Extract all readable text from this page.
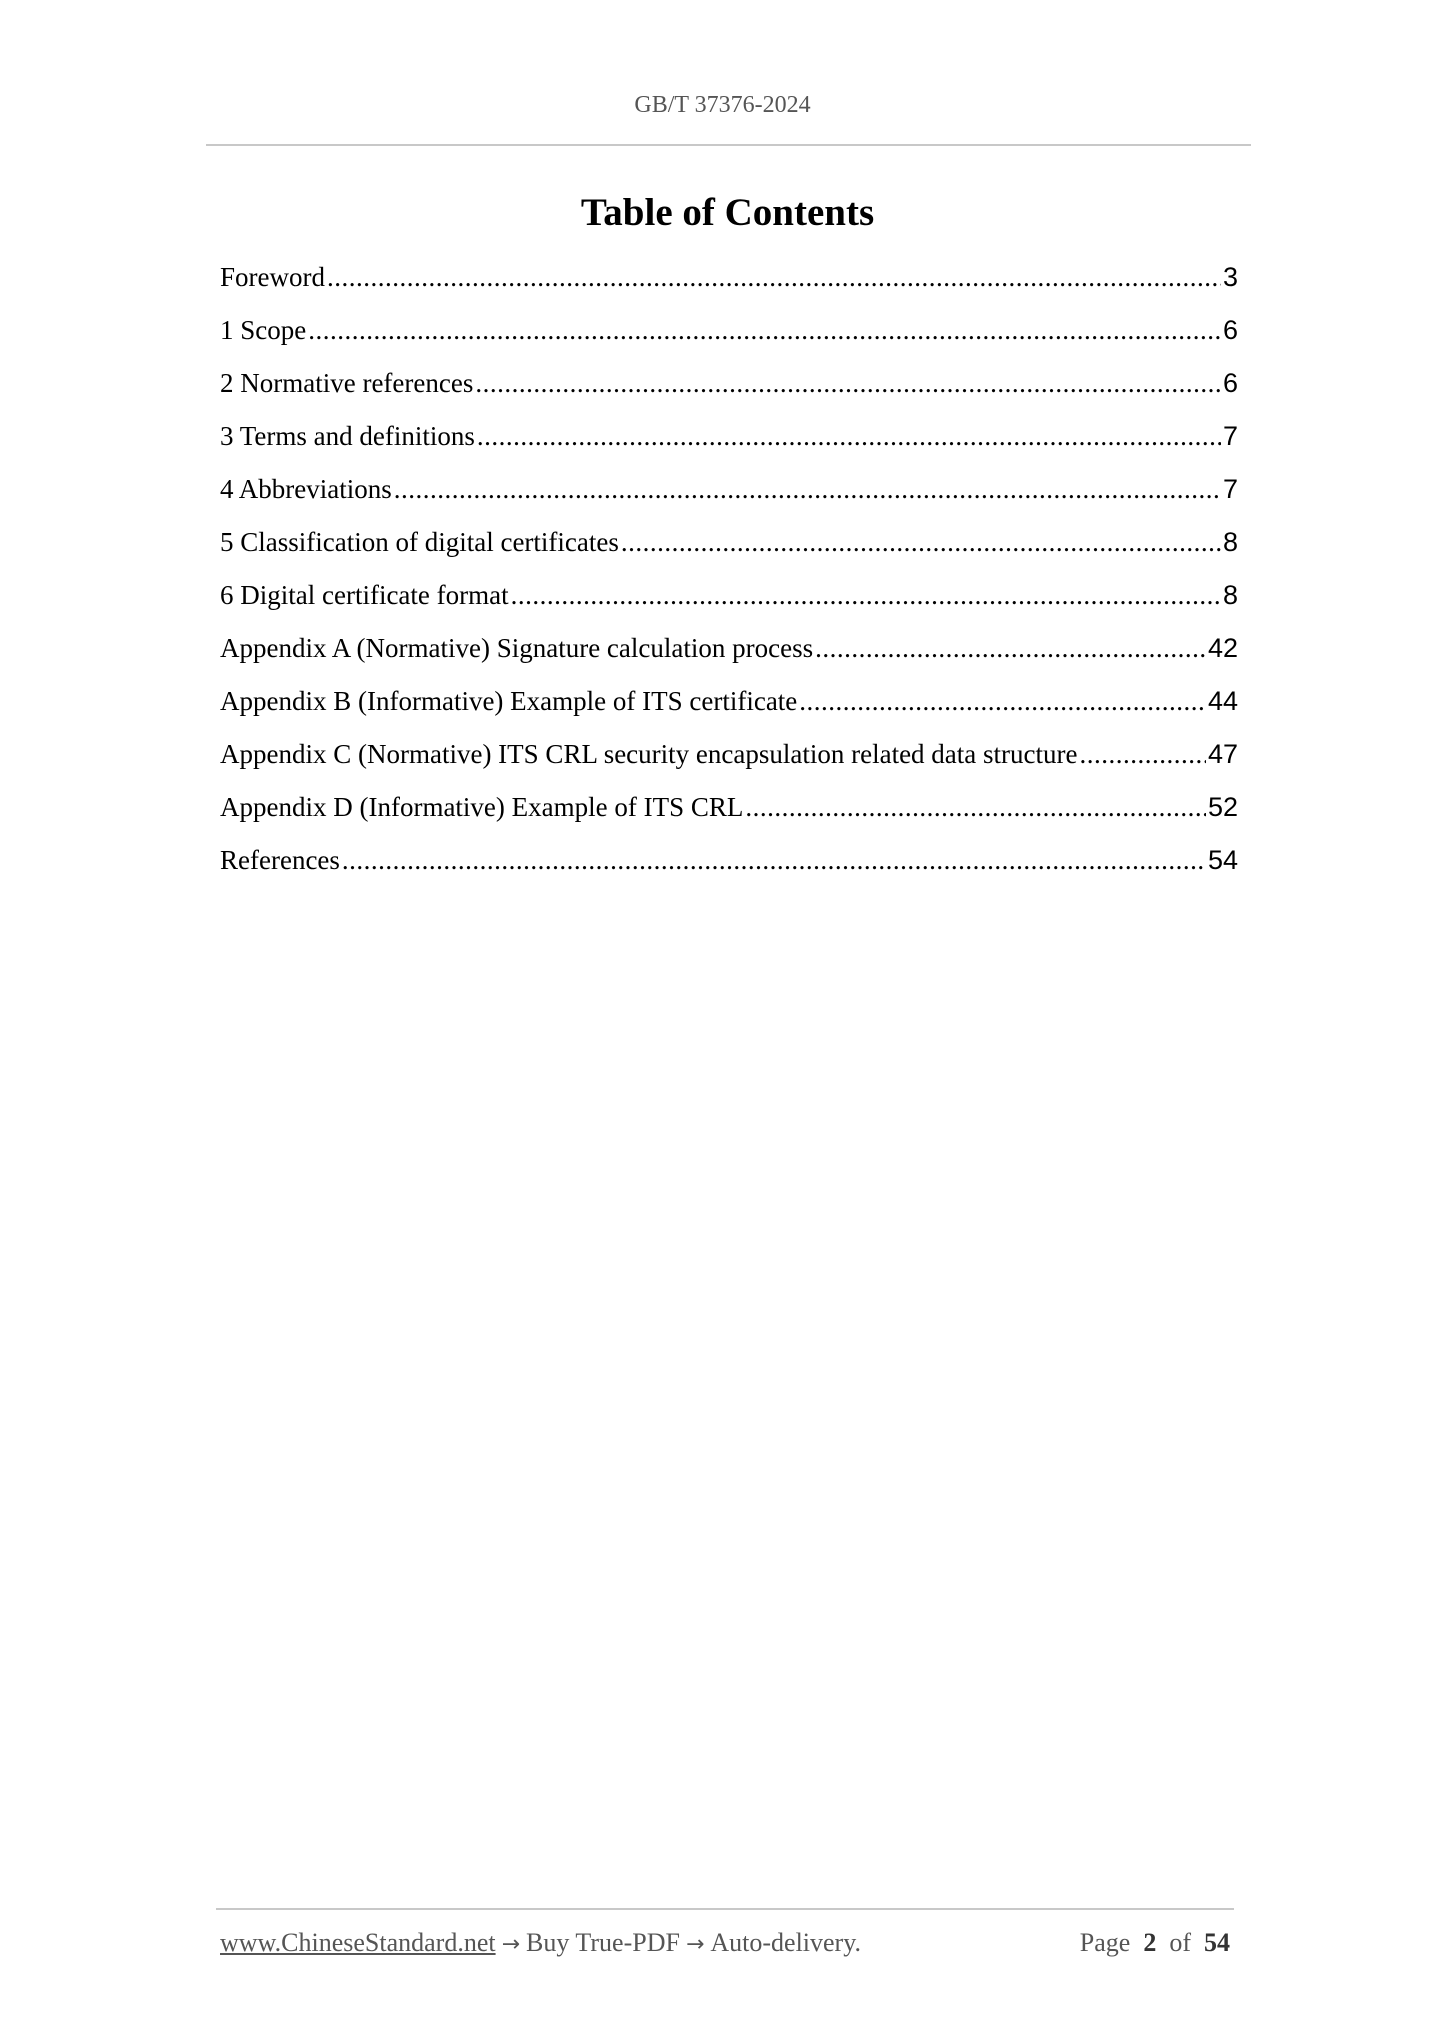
GB/T 37376-2024
Table of Contents
Foreword .....	3
1 Scope .....	6
2 Normative references .....	6
3 Terms and definitions .....	7
4 Abbreviations .....	7
5 Classification of digital certificates .....	8
6 Digital certificate format .....	8
Appendix A (Normative) Signature calculation process .....	42
Appendix B (Informative) Example of ITS certificate .....	44
Appendix C (Normative) ITS CRL security encapsulation related data structure .....	47
Appendix D (Informative) Example of ITS CRL .....	52
References .....	54
www.ChineseStandard.net → Buy True-PDF → Auto-delivery.	Page 2 of 54
